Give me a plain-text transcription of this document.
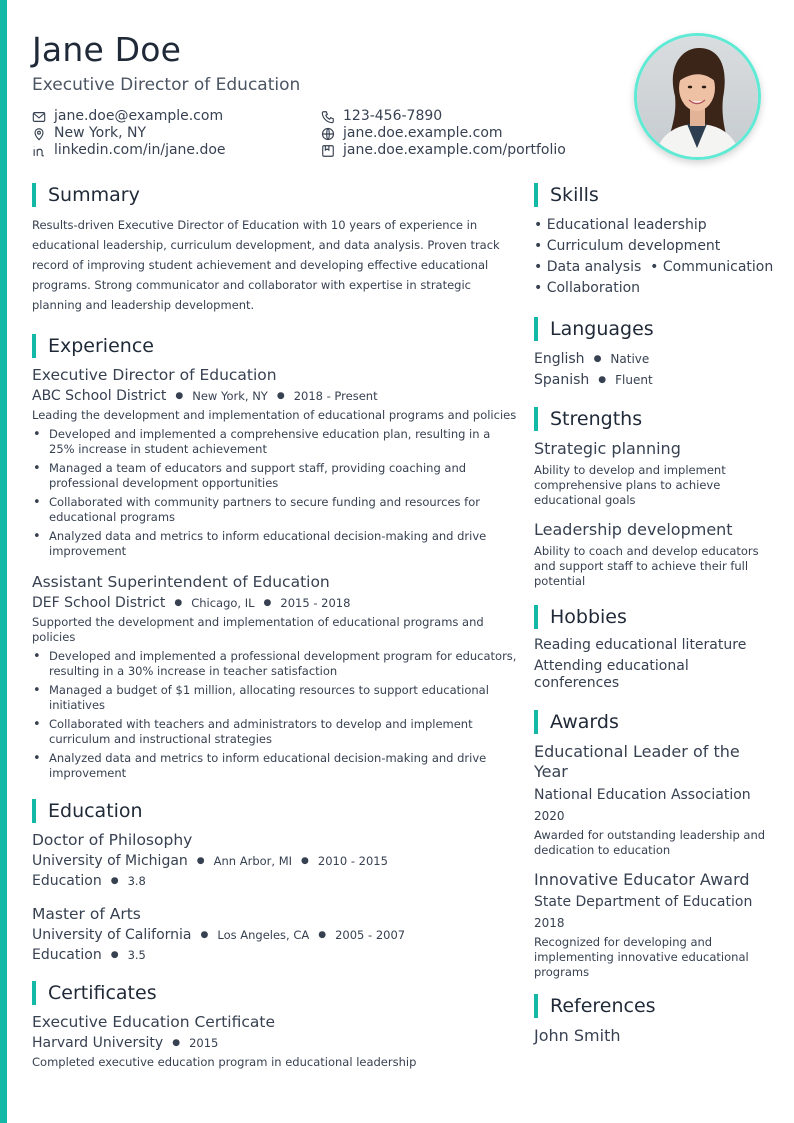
Jane Doe
Executive Director of Education
jane.doe@example.com
New York, NY
linkedin.com/in/jane.doe
123-456-7890
jane.doe.example.com
jane.doe.example.com/portfolio
Summary
Results-driven Executive Director of Education with 10 years of experience in educational leadership, curriculum development, and data analysis. Proven track record of improving student achievement and developing effective educational programs. Strong communicator and collaborator with expertise in strategic planning and leadership development.
Experience
Executive Director of Education
ABC School District ● New York, NY ● 2018 - Present
Leading the development and implementation of educational programs and policies
• Developed and implemented a comprehensive education plan, resulting in a 25% increase in student achievement
• Managed a team of educators and support staff, providing coaching and professional development opportunities
• Collaborated with community partners to secure funding and resources for educational programs
• Analyzed data and metrics to inform educational decision-making and drive improvement
Assistant Superintendent of Education
DEF School District ● Chicago, IL ● 2015 - 2018
Supported the development and implementation of educational programs and policies
• Developed and implemented a professional development program for educators, resulting in a 30% increase in teacher satisfaction
• Managed a budget of $1 million, allocating resources to support educational initiatives
• Collaborated with teachers and administrators to develop and implement curriculum and instructional strategies
• Analyzed data and metrics to inform educational decision-making and drive improvement
Education
Doctor of Philosophy
University of Michigan ● Ann Arbor, MI ● 2010 - 2015
Education ● 3.8
Master of Arts
University of California ● Los Angeles, CA ● 2005 - 2007
Education ● 3.5
Certificates
Executive Education Certificate
Harvard University ● 2015
Completed executive education program in educational leadership
Skills
• Educational leadership
• Curriculum development
• Data analysis  • Communication
• Collaboration
Languages
English ● Native
Spanish ● Fluent
Strengths
Strategic planning
Ability to develop and implement comprehensive plans to achieve educational goals
Leadership development
Ability to coach and develop educators and support staff to achieve their full potential
Hobbies
Reading educational literature
Attending educational conferences
Awards
Educational Leader of the Year
National Education Association
2020
Awarded for outstanding leadership and dedication to education
Innovative Educator Award
State Department of Education
2018
Recognized for developing and implementing innovative educational programs
References
John Smith
